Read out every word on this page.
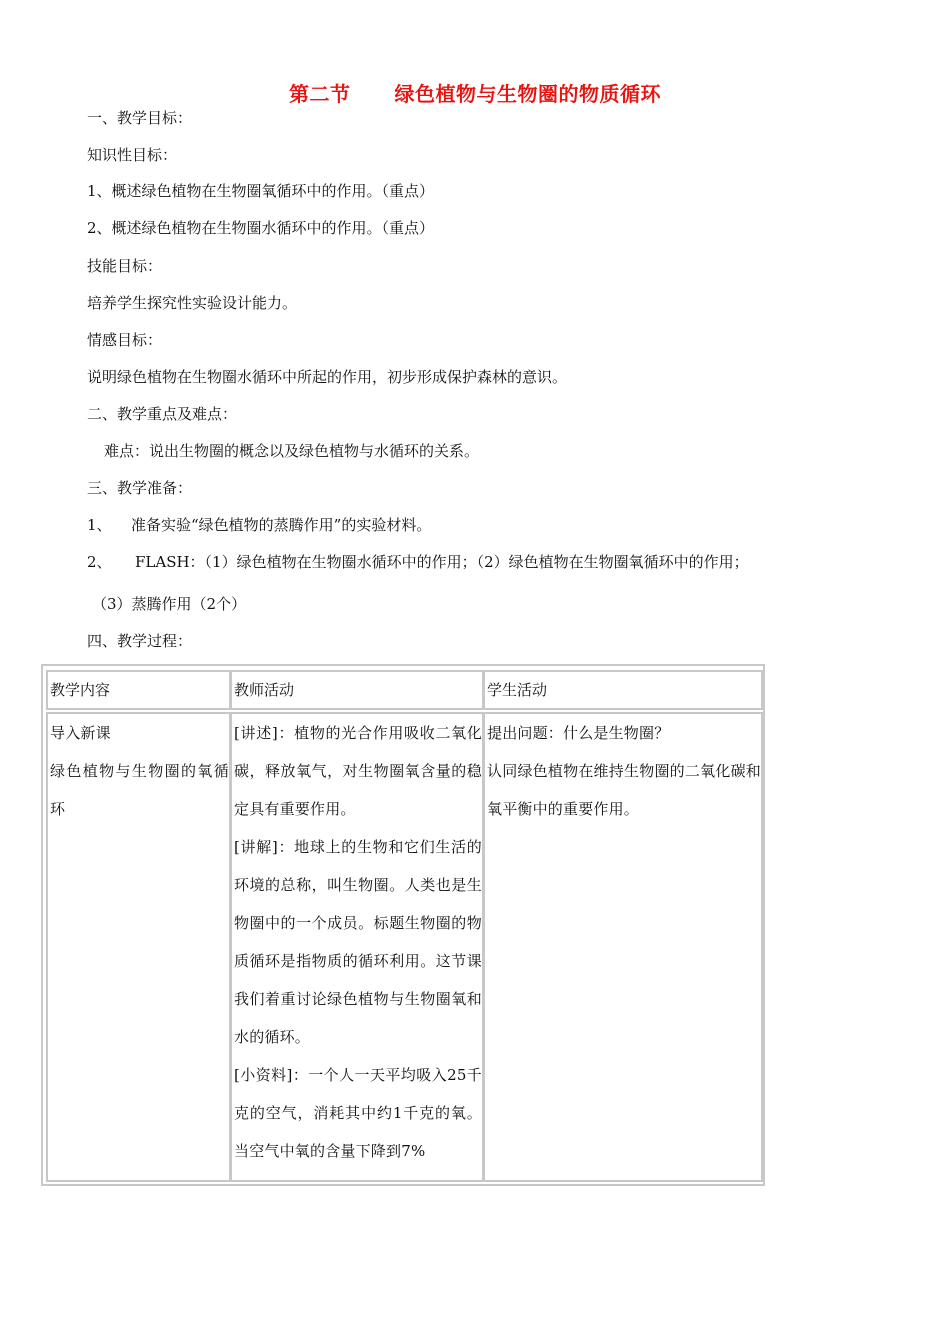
第二节 绿色植物与生物圈的物质循环
一、教学目标：
知识性目标：
1、概述绿色植物在生物圈氧循环中的作用。（重点）
2、概述绿色植物在生物圈水循环中的作用。（重点）
技能目标：
培养学生探究性实验设计能力。
情感目标：
说明绿色植物在生物圈水循环中所起的作用，初步形成保护森林的意识。
二、教学重点及难点：
难点：说出生物圈的概念以及绿色植物与水循环的关系。
三、教学准备：
1、 准备实验“绿色植物的蒸腾作用”的实验材料。
2、 FLASH：（1）绿色植物在生物圈水循环中的作用；（2）绿色植物在生物圈氧循环中的作用；
（3）蒸腾作用（2个）
四、教学过程：
教学内容	教师活动	学生活动
导入新课
绿色植物与生物圈的氧循环
[讲述]：植物的光合作用吸收二氧化碳，释放氧气，对生物圈氧含量的稳定具有重要作用。
[讲解]：地球上的生物和它们生活的环境的总称，叫生物圈。人类也是生物圈中的一个成员。标题生物圈的物质循环是指物质的循环利用。这节课我们着重讨论绿色植物与生物圈氧和水的循环。
[小资料]：一个人一天平均吸入25千克的空气，消耗其中约1千克的氧。当空气中氧的含量下降到7%
提出问题：什么是生物圈？
认同绿色植物在维持生物圈的二氧化碳和氧平衡中的重要作用。
